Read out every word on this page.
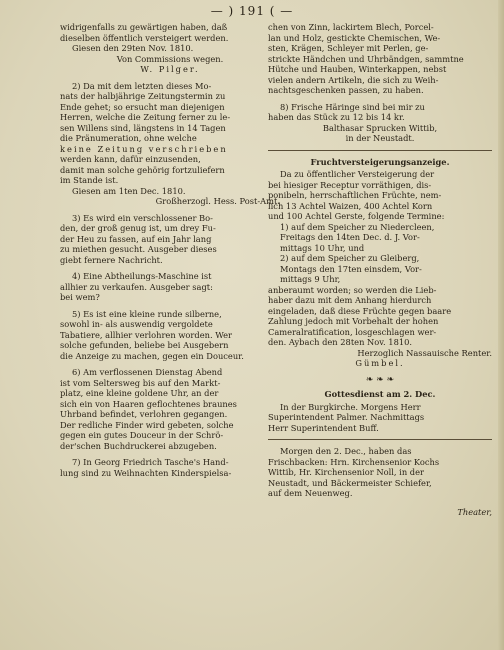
— ) 191 ( —

widrigenfalls zu gewärtigen haben, daß
dieselben öffentlich versteigert werden.
Giesen den 29ten Nov. 1810.
Von Commissions wegen.
W. Pilger.

2) Da mit dem letzten dieses Mo-
nats der halbjährige Zeitungstermin zu
Ende gehet; so ersucht man diejenigen
Herren, welche die Zeitung ferner zu le-
sen Willens sind, längstens in 14 Tagen
die Pränumeration, ohne welche
keine Zeitung verschrieben
werden kann, dafür einzusenden,
damit man solche gehörig fortzuliefern
im Stande ist.
Giesen am 1ten Dec. 1810.
Großherzogl. Hess. Post-Amt.

3) Es wird ein verschlossener Bo-
den, der groß genug ist, um drey Fu-
der Heu zu fassen, auf ein Jahr lang
zu miethen gesucht. Ausgeber dieses
giebt fernere Nachricht.

4) Eine Abtheilungs-Maschine ist
allhier zu verkaufen. Ausgeber sagt:
bei wem?

5) Es ist eine kleine runde silberne,
sowohl in- als auswendig vergoldete
Tabatiere, allhier verlohren worden. Wer
solche gefunden, beliebe bei Ausgebern
die Anzeige zu machen, gegen ein Douceur.

6) Am verflossenen Dienstag Abend
ist vom Seltersweg bis auf den Markt-
platz, eine kleine goldene Uhr, an der
sich ein von Haaren geflochtenes braunes
Uhrband befindet, verlohren gegangen.
Der redliche Finder wird gebeten, solche
gegen ein gutes Douceur in der Schrö-
der'schen Buchdruckerei abzugeben.

7) In Georg Friedrich Tasche's Hand-
lung sind zu Weihnachten Kinderspielsa-

chen von Zinn, lackirtem Blech, Porcel-
lan und Holz, gestickte Chemischen, We-
sten, Krägen, Schleyer mit Perlen, ge-
strickte Händchen und Uhrbändgen, sammtne
Hütche und Hauben, Winterkappen, nebst
vielen andern Artikeln, die sich zu Weih-
nachtsgeschenken passen, zu haben.

8) Frische Häringe sind bei mir zu
haben das Stück zu 12 bis 14 kr.
Balthasar Sprucken Wittib,
in der Neustadt.

Fruchtversteigerungsanzeige.

Da zu öffentlicher Versteigerung der
bei hiesiger Receptur vorräthigen, dis-
ponibeln, herrschaftlichen Früchte, nem-
lich 13 Achtel Waizen, 400 Achtel Korn
und 100 Achtel Gerste, folgende Termine:
1) auf dem Speicher zu Niedercleen,
Freitags den 14ten Dec. d. J. Vor-
mittags 10 Uhr, und
2) auf dem Speicher zu Gleiberg,
Montags den 17ten einsdem, Vor-
mittags 9 Uhr,
anberaumt worden; so werden die Lieb-
haber dazu mit dem Anhang hierdurch
eingeladen, daß diese Früchte gegen baare
Zahlung jedoch mit Vorbehalt der hohen
Cameralratification, losgeschlagen wer-
den. Aybach den 28ten Nov. 1810.
Herzoglich Nassauische Renter.
Gümbel.

❧ ❧ ❧
Gottesdienst am 2. Dec.

In der Burgkirche. Morgens Herr
Superintendent Palmer. Nachmittags
Herr Superintendent Buff.

Morgen den 2. Dec., haben das
Frischbacken: Hrn. Kirchensenior Kochs
Wittib, Hr. Kirchensenior Noll, in der
Neustadt, und Bäckermeister Schiefer,
auf dem Neuenweg.

Theater,
